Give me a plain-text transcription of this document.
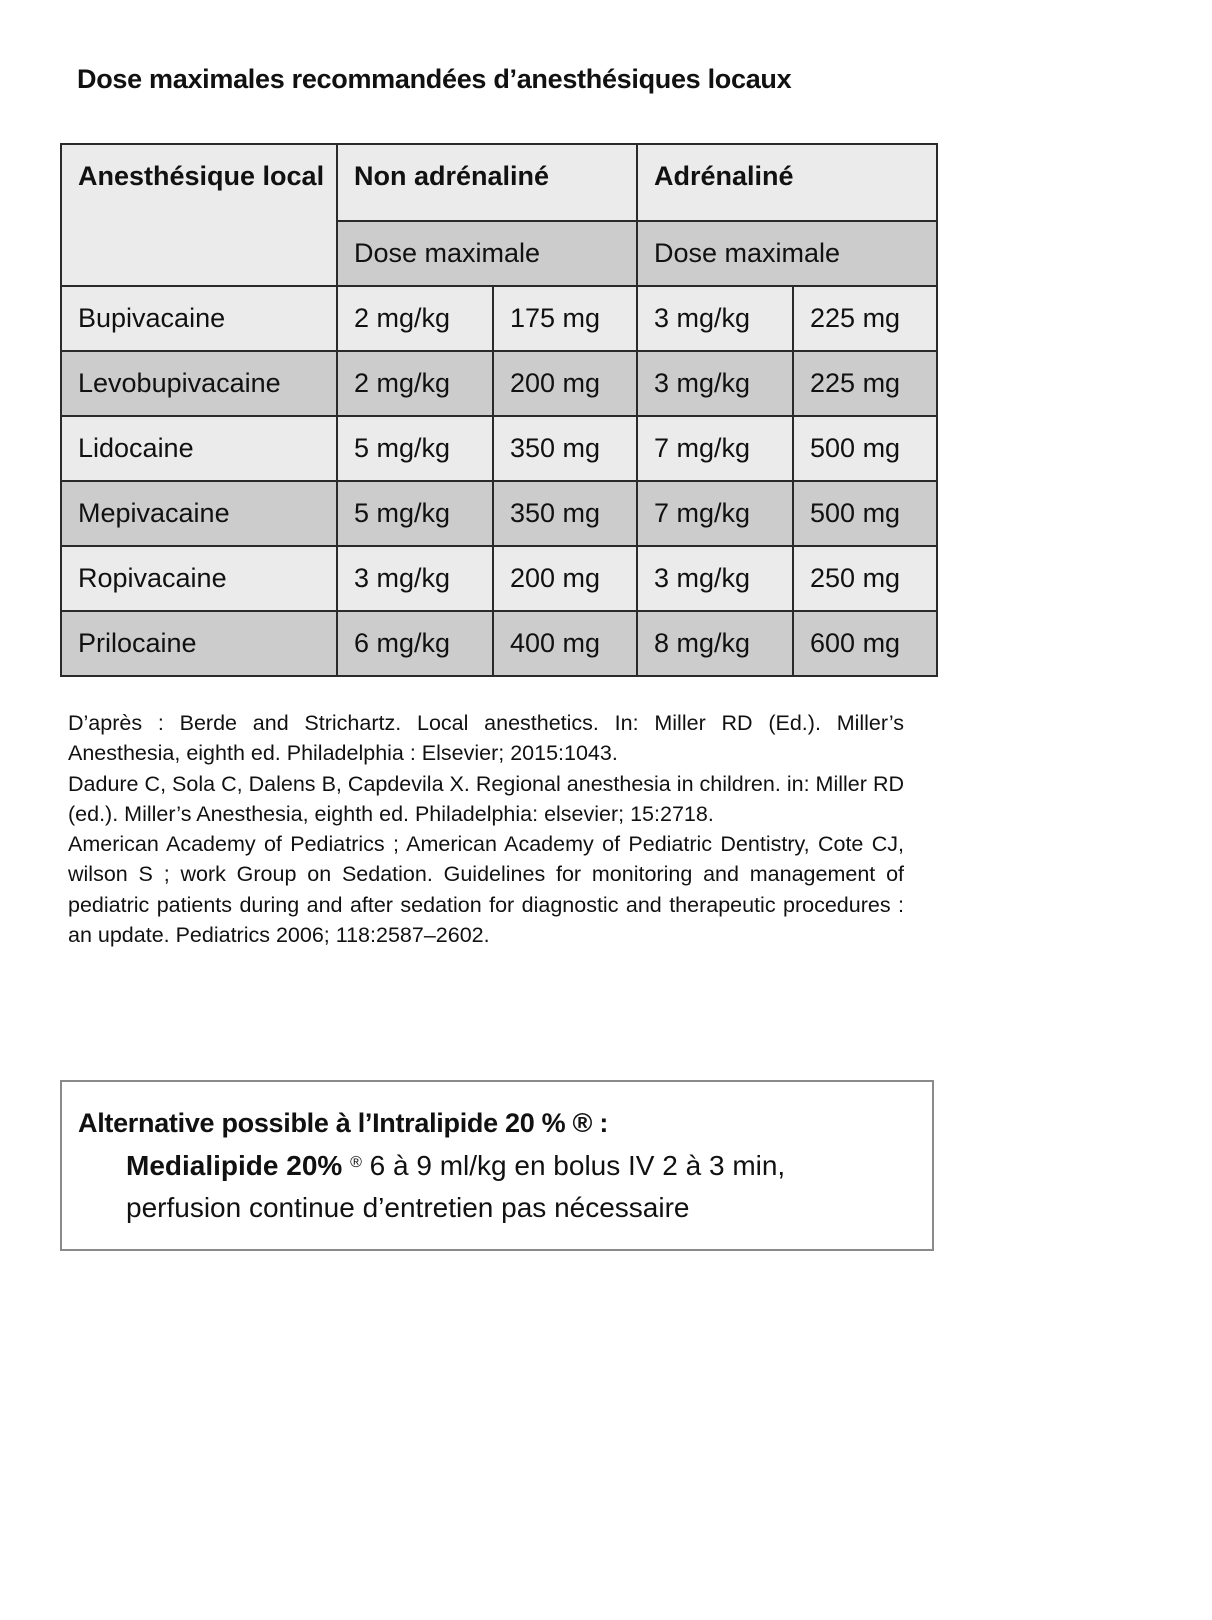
Dose maximales recommandées d’anesthésiques locaux
Anesthésique local	Non adrénaliné		Adrénaliné	
	Dose maximale		Dose maximale	
Bupivacaine	2 mg/kg	175 mg	3 mg/kg	225 mg
Levobupivacaine	2 mg/kg	200 mg	3 mg/kg	225 mg
Lidocaine	5 mg/kg	350 mg	7 mg/kg	500 mg
Mepivacaine	5 mg/kg	350 mg	7 mg/kg	500 mg
Ropivacaine	3 mg/kg	200 mg	3 mg/kg	250 mg
Prilocaine	6 mg/kg	400 mg	8 mg/kg	600 mg

D’après : Berde and Strichartz. Local anesthetics. In: Miller RD (Ed.). Miller’s Anesthesia, eighth ed. Philadelphia : Elsevier; 2015:1043.

Dadure C, Sola C, Dalens B, Capdevila X. Regional anesthesia in children. in: Miller RD (ed.). Miller’s Anesthesia, eighth ed. Philadelphia: elsevier; 15:2718.

American Academy of Pediatrics ; American Academy of Pediatric Dentistry, Cote CJ, wilson S ; work Group on Sedation. Guidelines for monitoring and management of pediatric patients during and after sedation for diagnostic and therapeutic procedures : an update. Pediatrics 2006; 118:2587–2602.

Alternative possible à l’Intralipide 20 % ® :
Medialipide 20% ® 6 à 9 ml/kg en bolus IV 2 à 3 min,
perfusion continue d’entretien pas nécessaire
